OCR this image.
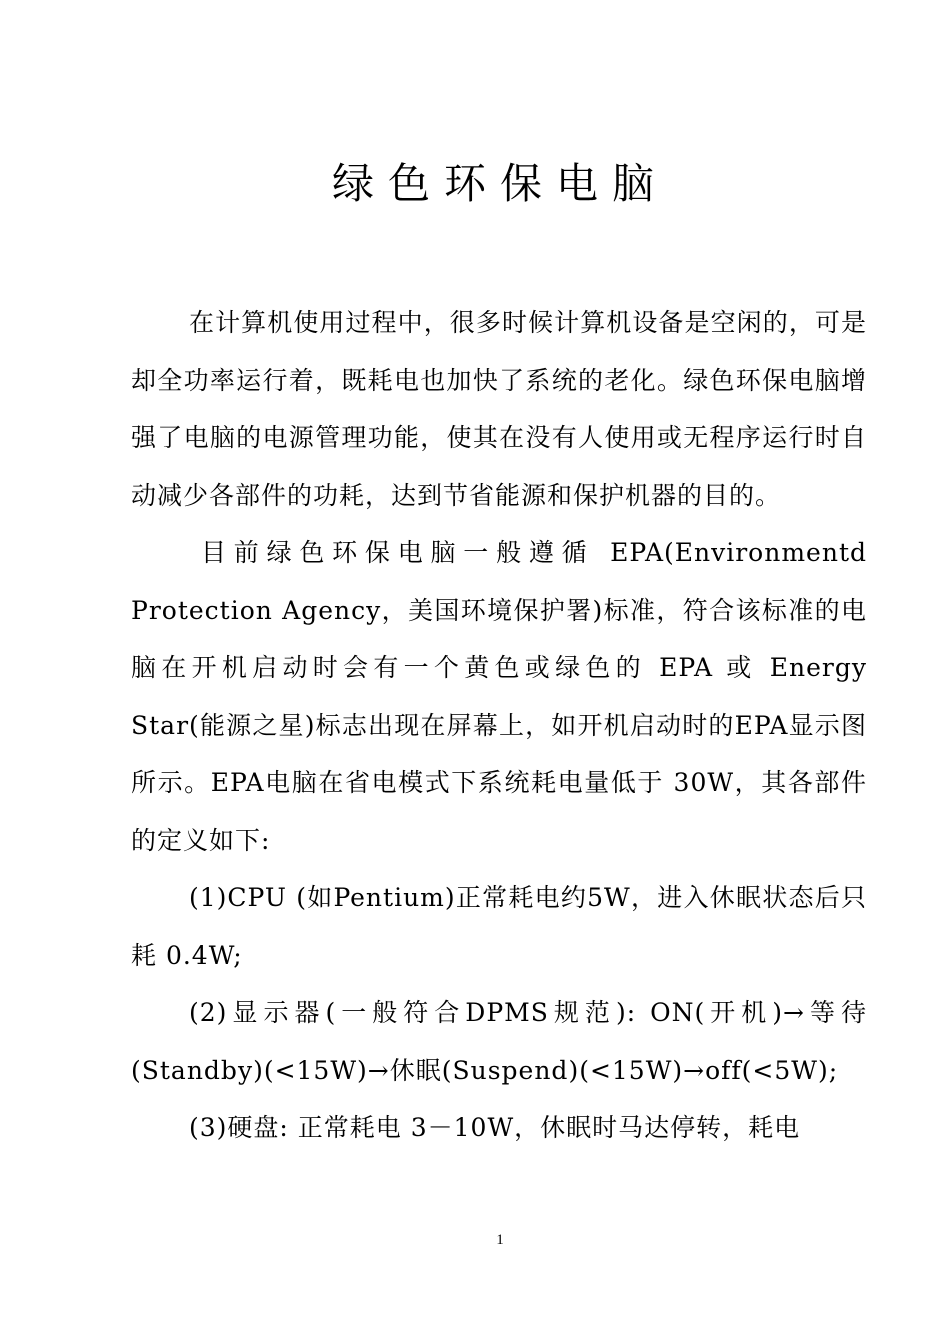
绿色环保电脑

在计算机使用过程中，很多时候计算机设备是空闲的，可是却全功率运行着，既耗电也加快了系统的老化。绿色环保电脑增强了电脑的电源管理功能，使其在没有人使用或无程序运行时自动减少各部件的功耗，达到节省能源和保护机器的目的。

目前绿色环保电脑一般遵循 EPA(Environmentd Protection Agency，美国环境保护署)标准，符合该标准的电脑在开机启动时会有一个黄色或绿色的 EPA 或 Energy Star(能源之星)标志出现在屏幕上，如开机启动时的EPA显示图所示。EPA电脑在省电模式下系统耗电量低于 30W，其各部件的定义如下:

(1)CPU (如Pentium)正常耗电约5W，进入休眠状态后只耗 0.4W;

(2)显示器(一般符合DPMS规范): ON(开机)→等待(Standby)(<15W)→休眠(Suspend)(<15W)→off(<5W);

(3)硬盘: 正常耗电 3－10W，休眠时马达停转，耗电

1
